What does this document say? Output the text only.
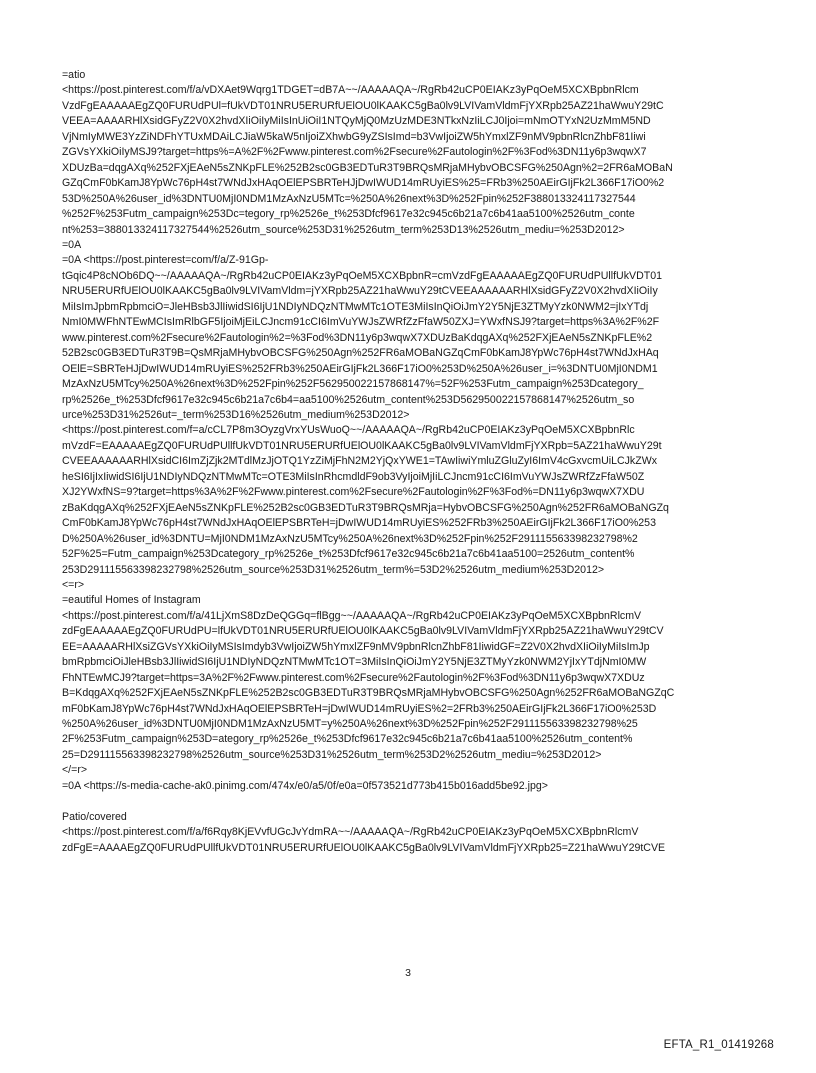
=atio
<https://post.pinterest.com/f/a/vDXAet9Wqrg1TDGET=dB7A~~/AAAAAQA~/RgRb42uCP0EIAKz3yPqOeM5XCXBpbnRlcm
VzdFgEAAAAAEgZQ0FURUdPUl=fUkVDT01NRU5ERURfUElOU0lKAAKC5gBa0lv9LVIVamVldmFjYXRpb25AZ21haWwuY29tC
VEEA=AAAARHlXsidGFyZ2V0X2hvdXIiOiIyMiIsInUiOiI1NTQyMjQ0MzUzMDE3NTkxNzIiLCJ0Ijoi=mNmOTYxN2UzMmM5ND
VjNmIyMWE3YzZiNDFhYTUxMDAiLCJiaW5kaW5nIjoiZXhwbG9yZSIsImd=b3VwIjoiZW5hYmxlZF9nMV9pbnRlcnZhbF81Iiwi
ZGVsYXkiOiIyMSJ9?target=https%=A%2F%2Fwww.pinterest.com%2Fsecure%2Fautologin%2F%3Fod%3DN11y6p3wqwX7
XDUzBa=dqgAXq%252FXjEAeN5sZNKpFLE%252B2sc0GB3EDTuR3T9BRQsMRjaMHybvOBCSFG%250Agn%2=2FR6aMOBaN
GZqCmF0bKamJ8YpWc76pH4st7WNdJxHAqOElEPSBRTeHJjDwIWUD14mRUyiES%25=FRb3%250AEirGIjFk2L366F17iO0%2
53D%250A%26user_id%3DNTU0MjI0NDM1MzAxNzU5MTc=%250A%26next%3D%252Fpin%252F388013324117327544
%252F%253Futm_campaign%253Dc=tegory_rp%2526e_t%253Dfcf9617e32c945c6b21a7c6b41aa5100%2526utm_conte
nt%253=388013324117327544%2526utm_source%253D31%2526utm_term%253D13%2526utm_mediu=%253D2012>
=0A
=0A <https://post.pinterest=com/f/a/Z-91Gp-
tGqic4P8cNOb6DQ~~/AAAAAQA~/RgRb42uCP0EIAKz3yPqOeM5XCXBpbnR=cmVzdFgEAAAAAEgZQ0FURUdPUllfUkVDT01
NRU5ERURfUElOU0lKAAKC5gBa0lv9LVIVamVldm=jYXRpb25AZ21haWwuY29tCVEEAAAAAARHlXsidGFyZ2V0X2hvdXIiOiIy
MiIsImJpbmRpbmciO=JleHBsb3JlIiwidSI6IjU1NDIyNDQzNTMwMTc1OTE3MiIsInQiOiJmY2Y5NjE3ZTMyYzk0NWM2=jIxYTdj
NmI0MWFhNTEwMCIsImRlbGF5IjoiMjEiLCJncm91cCI6ImVuYWJsZWRfZzFfaW50ZXJ=YWxfNSJ9?target=https%3A%2F%2F
www.pinterest.com%2Fsecure%2Fautologin%2=%3Fod%3DN11y6p3wqwX7XDUzBaKdqgAXq%252FXjEAeN5sZNKpFLE%2
52B2sc0GB3EDTuR3T9B=QsMRjaMHybvOBCSFG%250Agn%252FR6aMOBaNGZqCmF0bKamJ8YpWc76pH4st7WNdJxHAq
OElE=SBRTeHJjDwIWUD14mRUyiES%252FRb3%250AEirGIjFk2L366F17iO0%253D%250A%26user_i=%3DNTU0MjI0NDM1
MzAxNzU5MTcy%250A%26next%3D%252Fpin%252F562950022157868147%=52F%253Futm_campaign%253Dcategory_
rp%2526e_t%253Dfcf9617e32c945c6b21a7c6b4=aa5100%2526utm_content%253D562950022157868147%2526utm_so
urce%253D31%2526ut=_term%253D16%2526utm_medium%253D2012>
<https://post.pinterest.com/f=a/cCL7P8m3OyzgVrxYUsWuoQ~~/AAAAAQA~/RgRb42uCP0EIAKz3yPqOeM5XCXBpbnRlc
mVzdF=EAAAAAEgZQ0FURUdPUllfUkVDT01NRU5ERURfUElOU0lKAAKC5gBa0lv9LVIVamVldmFjYXRpb=5AZ21haWwuY29t
CVEEAAAAAARHlXsidCI6ImZjZjk2MTdlMzJjOTQ1YzZiMjFhN2M2YjQxYWE1=TAwIiwiYmluZGluZyI6ImV4cGxvcmUiLCJkZWx
heSI6IjIxIiwidSI6IjU1NDIyNDQzNTMwMTc=OTE3MiIsInRhcmdldF9ob3VyIjoiMjIiLCJncm91cCI6ImVuYWJsZWRfZzFfaW50Z
XJ2YWxfNS=9?target=https%3A%2F%2Fwww.pinterest.com%2Fsecure%2Fautologin%2F%3Fod%=DN11y6p3wqwX7XDU
zBaKdqgAXq%252FXjEAeN5sZNKpFLE%252B2sc0GB3EDTuR3T9BRQsMRja=HybvOBCSFG%250Agn%252FR6aMOBaNGZq
CmF0bKamJ8YpWc76pH4st7WNdJxHAqOElEPSBRTeH=jDwIWUD14mRUyiES%252FRb3%250AEirGIjFk2L366F17iO0%253
D%250A%26user_id%3DNTU=MjI0NDM1MzAxNzU5MTcy%250A%26next%3D%252Fpin%252F291115563398232798%2
52F%25=Futm_campaign%253Dcategory_rp%2526e_t%253Dfcf9617e32c945c6b21a7c6b41aa5100=2526utm_content%
253D291115563398232798%2526utm_source%253D31%2526utm_term%=53D2%2526utm_medium%253D2012>
<=r>
=eautiful Homes of Instagram
<https://post.pinterest.com/f/a/41LjXmS8DzDeQGGq=flBgg~~/AAAAAQA~/RgRb42uCP0EIAKz3yPqOeM5XCXBpbnRlcmV
zdFgEAAAAAEgZQ0FURUdPU=lfUkVDT01NRU5ERURfUElOU0lKAAKC5gBa0lv9LVIVamVldmFjYXRpb25AZ21haWwuY29tCV
EE=AAAAARHlXsiZGVsYXkiOiIyMSIsImdyb3VwIjoiZW5hYmxlZF9nMV9pbnRlcnZhbF81IiwidGF=Z2V0X2hvdXIiOiIyMiIsImJp
bmRpbmciOiJleHBsb3JlIiwidSI6IjU1NDIyNDQzNTMwMTc1OT=3MiIsInQiOiJmY2Y5NjE3ZTMyYzk0NWM2YjIxYTdjNmI0MW
FhNTEwMCJ9?target=https=3A%2F%2Fwww.pinterest.com%2Fsecure%2Fautologin%2F%3Fod%3DN11y6p3wqwX7XDUz
B=KdqgAXq%252FXjEAeN5sZNKpFLE%252B2sc0GB3EDTuR3T9BRQsMRjaMHybvOBCSFG%250Agn%252FR6aMOBaNGZqC
mF0bKamJ8YpWc76pH4st7WNdJxHAqOElEPSBRTeH=jDwIWUD14mRUyiES%2=2FRb3%250AEirGIjFk2L366F17iO0%253D
%250A%26user_id%3DNTU0MjI0NDM1MzAxNzU5MT=y%250A%26next%3D%252Fpin%252F291115563398232798%25
2F%253Futm_campaign%253D=ategory_rp%2526e_t%253Dfcf9617e32c945c6b21a7c6b41aa5100%2526utm_content%
25=D291115563398232798%2526utm_source%253D31%2526utm_term%253D2%2526utm_mediu=%253D2012>
</=r>
=0A <https://s-media-cache-ak0.pinimg.com/474x/e0/a5/0f/e0a=0f573521d773b415b016add5be92.jpg>
Patio/covered
<https://post.pinterest.com/f/a/f6Rqy8KjEVvfUGcJvYdmRA~~/AAAAAQA~/RgRb42uCP0EIAKz3yPqOeM5XCXBpbnRlcmV
zdFgE=AAAAEgZQ0FURUdPUllfUkVDT01NRU5ERURfUElOU0lKAAKC5gBa0lv9LVIVamVldmFjYXRpb25=Z21haWwuY29tCVE
3
EFTA_R1_01419268
